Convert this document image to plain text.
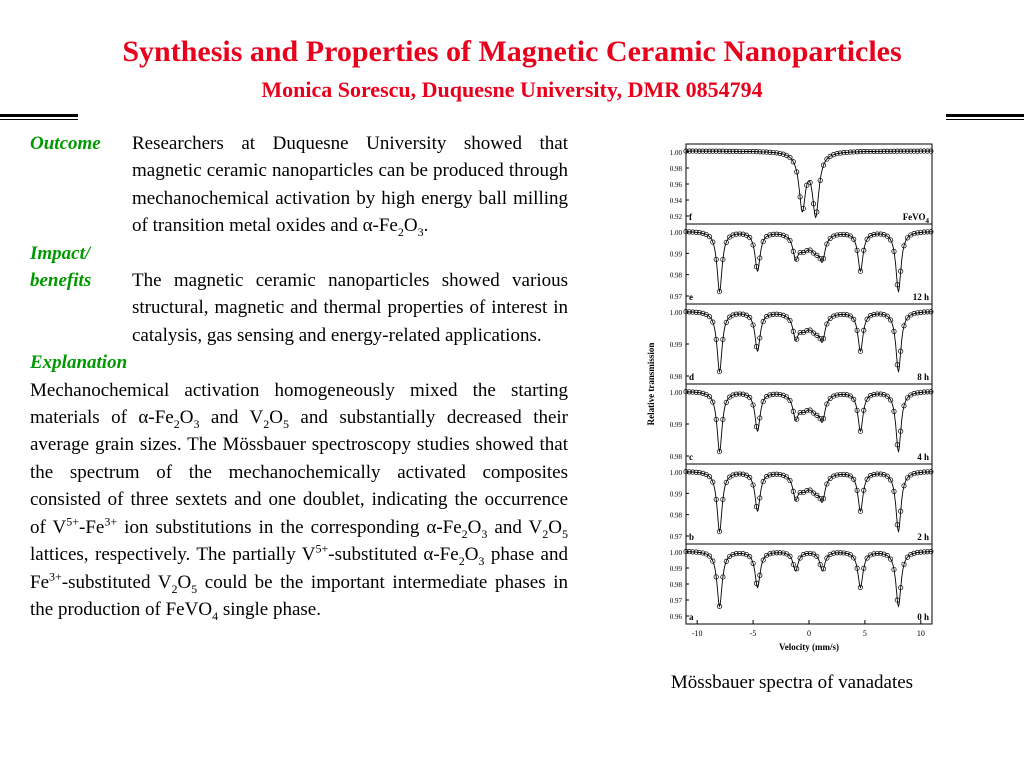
Synthesis and Properties of Magnetic Ceramic Nanoparticles
Monica Sorescu, Duquesne University, DMR 0854794
Outcome	Researchers at Duquesne University showed that magnetic ceramic nanoparticles can be produced through mechanochemical activation by high energy ball milling of transition metal oxides and $\alpha-Fe_2O_3$.
Impact/
benefits	The magnetic ceramic nanoparticles showed various structural, magnetic and thermal properties of interest in catalysis, gas sensing and energy-related applications.
Explanation
Mechanochemical activation homogeneously mixed the starting materials of $\alpha-Fe_2O_3$ and $V_2O_5$ and substantially decreased their average grain sizes. The Mössbauer spectroscopy studies showed that the spectrum of the mechanochemically activated composites consisted of three sextets and one doublet, indicating the occurrence of $V^{5+}-Fe^{3+}$ ion substitutions in the corresponding $\alpha-Fe_2O_3$ and $V_2O_5$ lattices, respectively. The partially $V^{5+}$-substituted $\alpha-Fe_2O_3$ phase and $Fe^{3+}$-substituted $V_2O_5$ could be the important intermediate phases in the production of FeVO$_4$ single phase.
1.00
0.98
0.96
0.94
0.92 f	FeVO$_4$
1.00
0.99
0.98
0.97 e	12 h
1.00
0.99
0.98 d	8 h
1.00
0.99
0.98 c	4 h
1.00
0.99
0.98
0.97 b	2 h
1.00
0.99
0.98
0.97
0.96 a	0 h
-10	-5	0	5	10
Velocity (mm/s)
Relative transmission
Mössbauer spectra of vanadates
